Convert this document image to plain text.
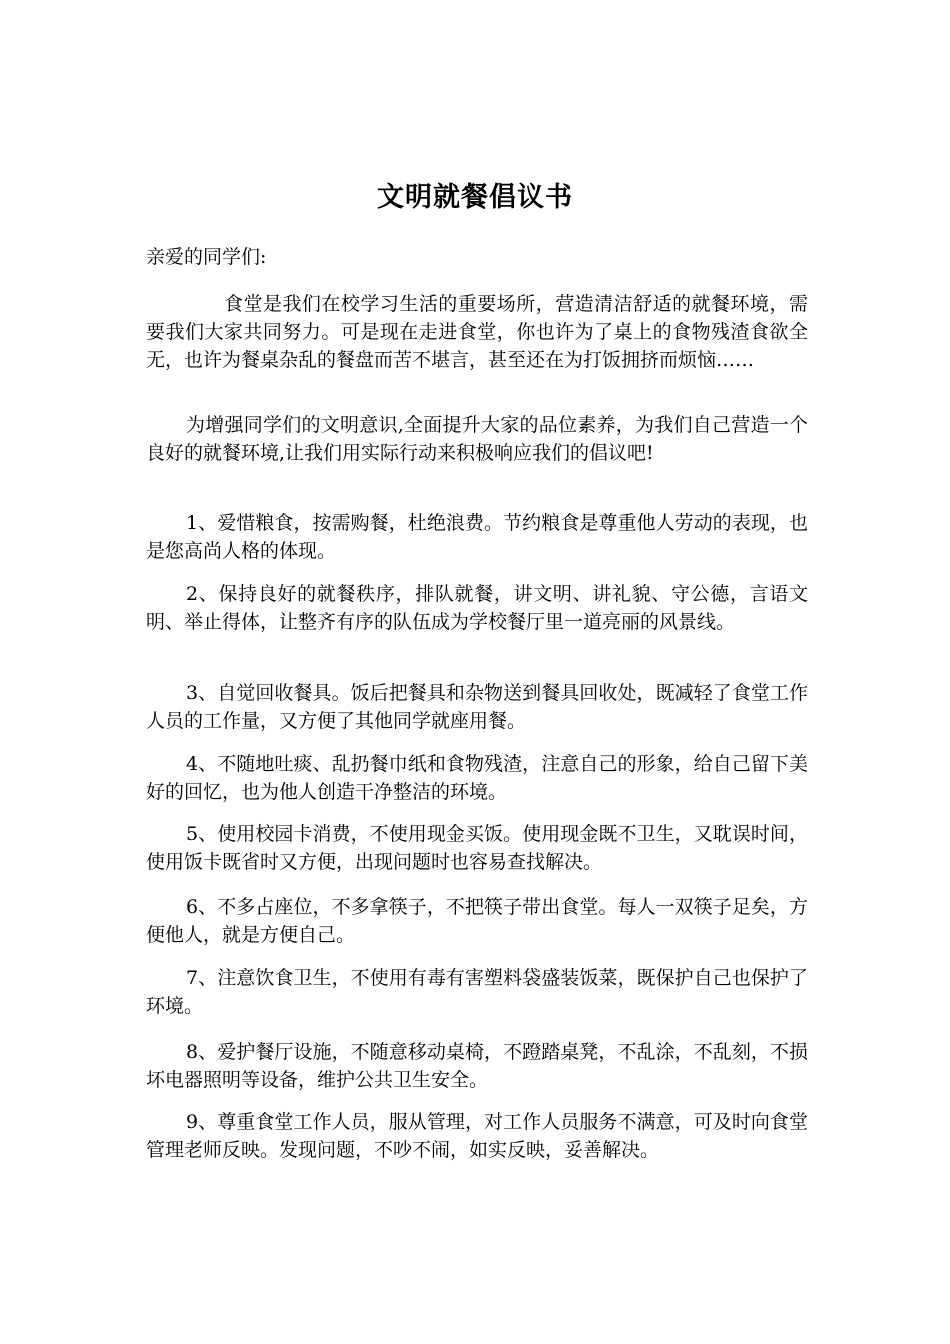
文明就餐倡议书
亲爱的同学们:

食堂是我们在校学习生活的重要场所，营造清洁舒适的就餐环境，需要我们大家共同努力。可是现在走进食堂，你也许为了桌上的食物残渣食欲全无，也许为餐桌杂乱的餐盘而苦不堪言，甚至还在为打饭拥挤而烦恼……

为增强同学们的文明意识,全面提升大家的品位素养，为我们自己营造一个良好的就餐环境,让我们用实际行动来积极响应我们的倡议吧!

1、爱惜粮食，按需购餐，杜绝浪费。节约粮食是尊重他人劳动的表现，也是您高尚人格的体现。

2、保持良好的就餐秩序，排队就餐，讲文明、讲礼貌、守公德，言语文明、举止得体，让整齐有序的队伍成为学校餐厅里一道亮丽的风景线。

3、自觉回收餐具。饭后把餐具和杂物送到餐具回收处，既减轻了食堂工作人员的工作量，又方便了其他同学就座用餐。

4、不随地吐痰、乱扔餐巾纸和食物残渣，注意自己的形象，给自己留下美好的回忆，也为他人创造干净整洁的环境。

5、使用校园卡消费，不使用现金买饭。使用现金既不卫生，又耽误时间，使用饭卡既省时又方便，出现问题时也容易查找解决。

6、不多占座位，不多拿筷子，不把筷子带出食堂。每人一双筷子足矣，方便他人，就是方便自己。

7、注意饮食卫生，不使用有毒有害塑料袋盛装饭菜，既保护自己也保护了环境。

8、爱护餐厅设施，不随意移动桌椅，不蹬踏桌凳，不乱涂，不乱刻，不损坏电器照明等设备，维护公共卫生安全。

9、尊重食堂工作人员，服从管理，对工作人员服务不满意，可及时向食堂管理老师反映。发现问题，不吵不闹，如实反映，妥善解决。
